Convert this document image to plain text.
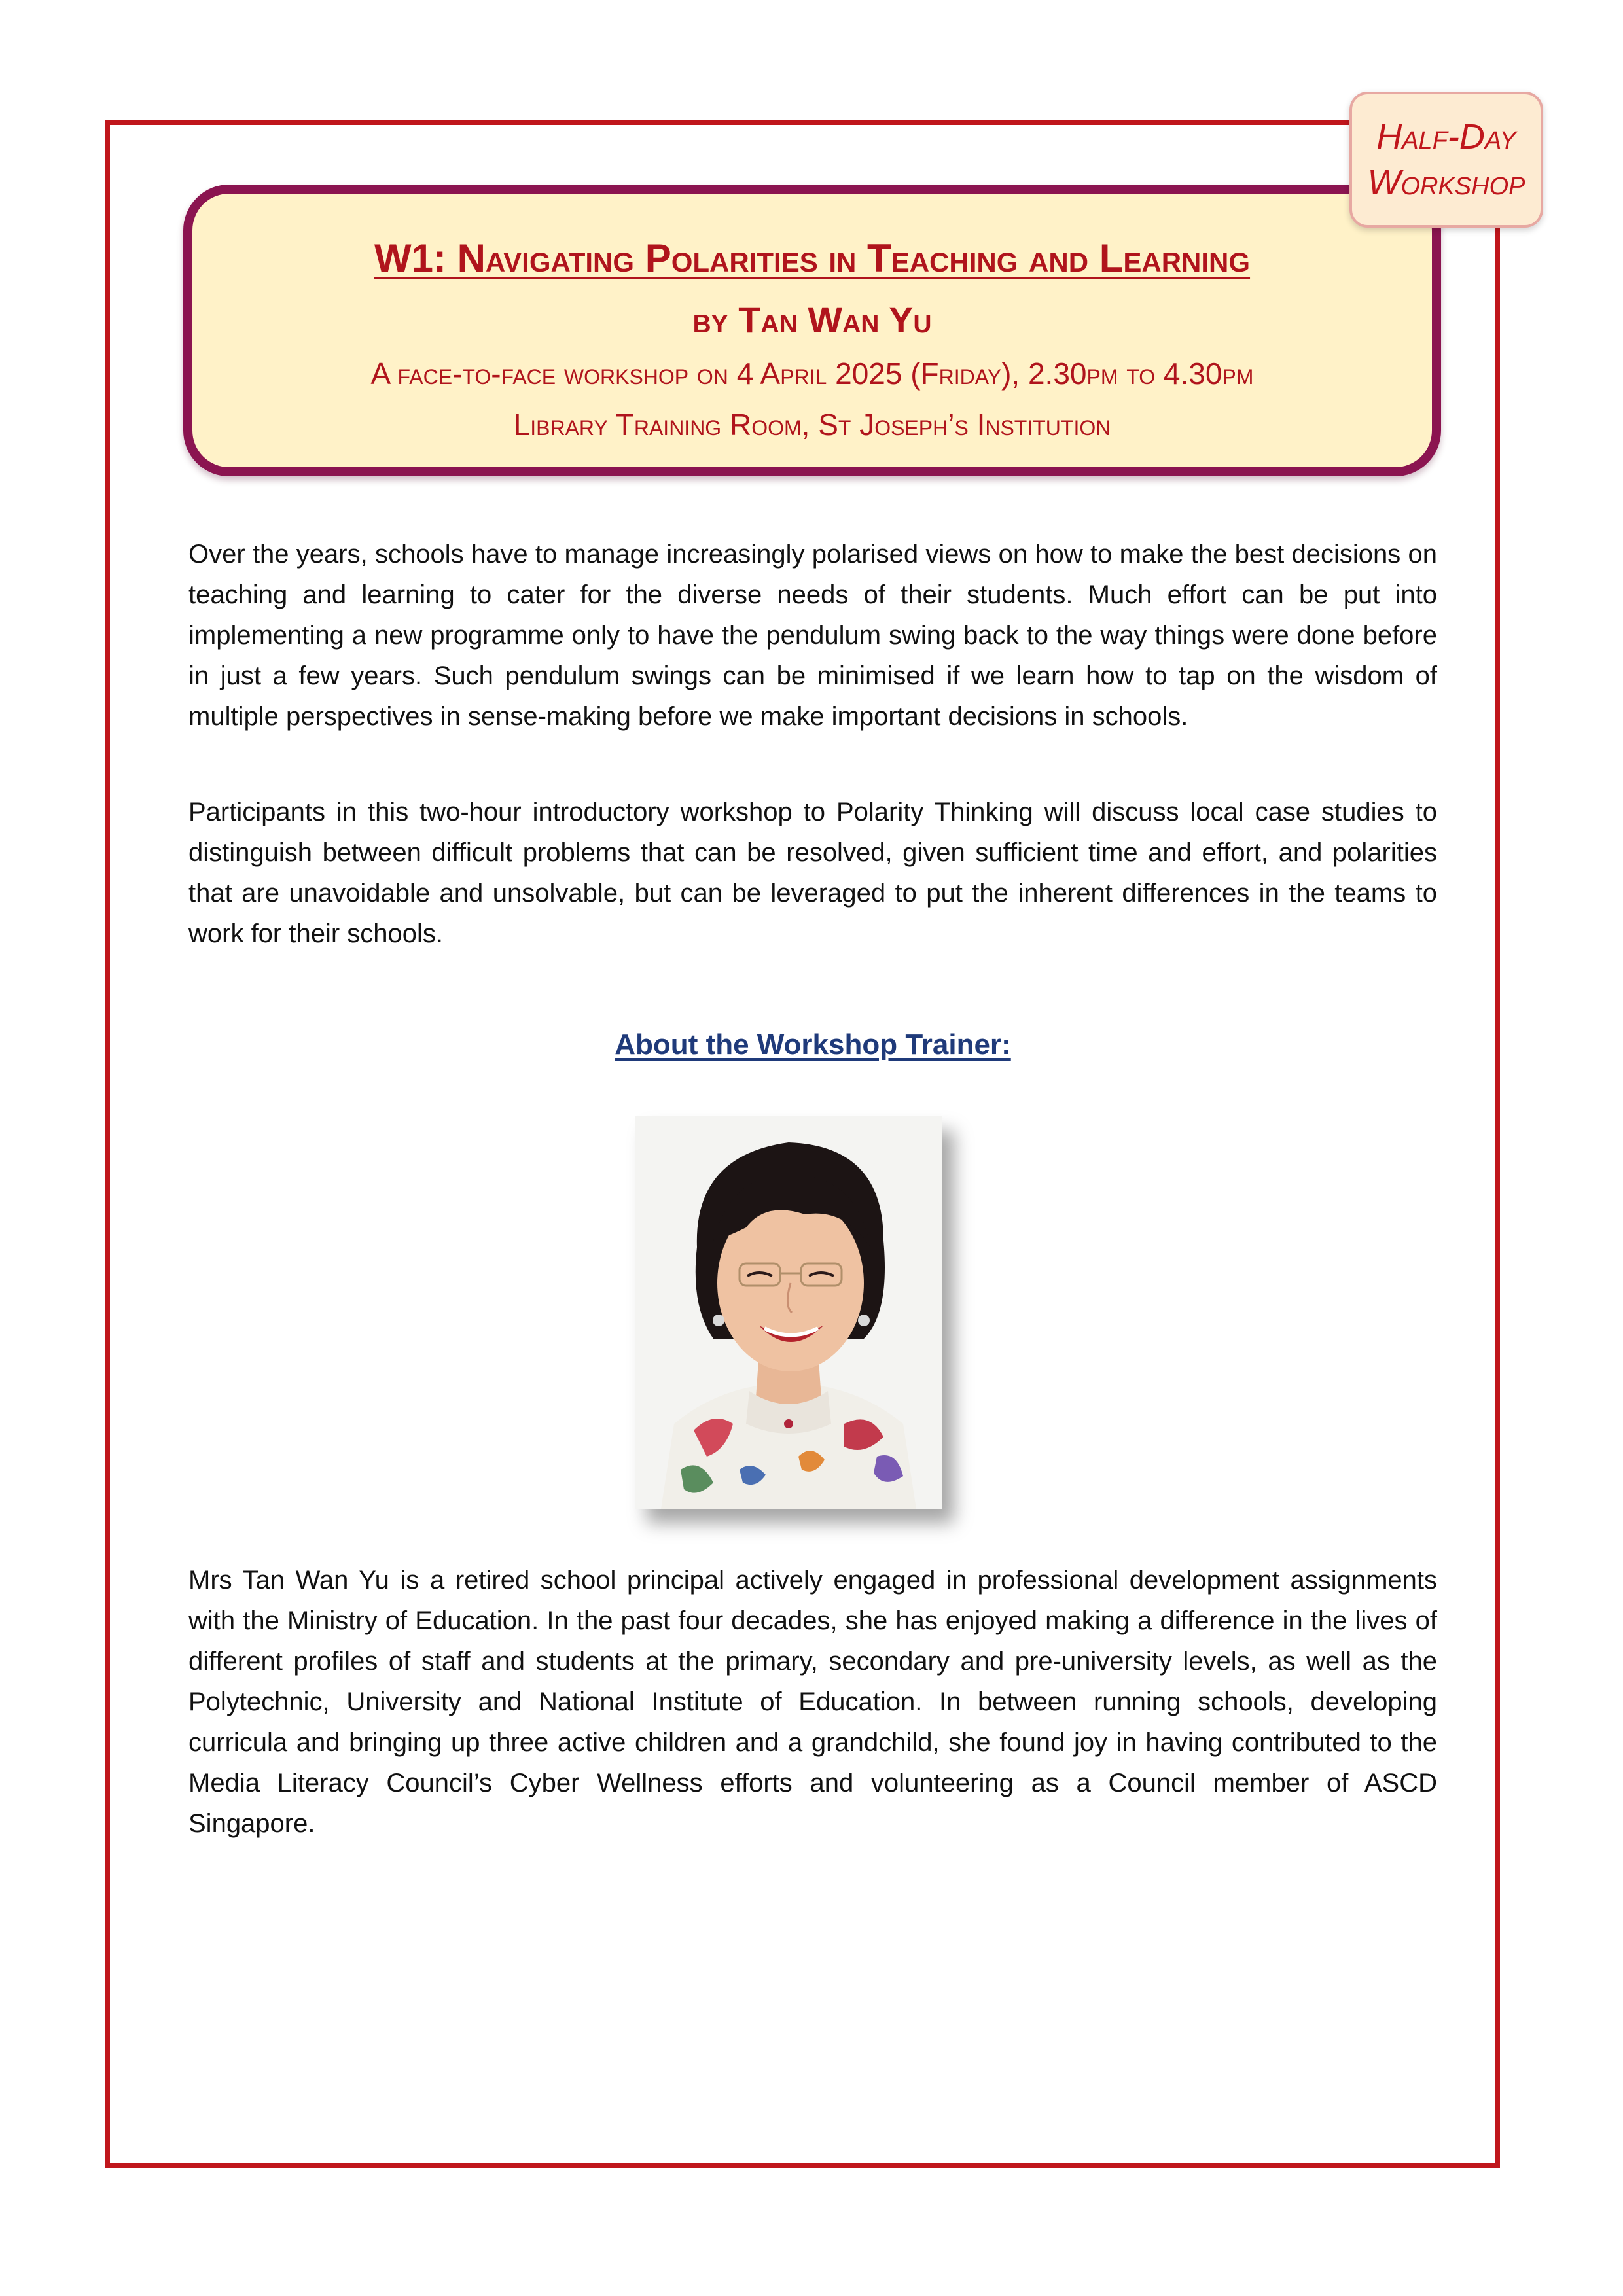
W1: Navigating Polarities in Teaching and Learning
by Tan Wan Yu
A face-to-face workshop on 4 April 2025 (Friday), 2.30pm to 4.30pm
Library Training Room, St Joseph’s Institution
Half-Day
Workshop

Over the years, schools have to manage increasingly polarised views on how to make the best decisions on teaching and learning to cater for the diverse needs of their students. Much effort can be put into implementing a new programme only to have the pendulum swing back to the way things were done before in just a few years. Such pendulum swings can be minimised if we learn how to tap on the wisdom of multiple perspectives in sense-making before we make important decisions in schools.

Participants in this two-hour introductory workshop to Polarity Thinking will discuss local case studies to distinguish between difficult problems that can be resolved, given sufficient time and effort, and polarities that are unavoidable and unsolvable, but can be leveraged to put the inherent differences in the teams to work for their schools.

About the Workshop Trainer:

Mrs Tan Wan Yu is a retired school principal actively engaged in professional development assignments with the Ministry of Education. In the past four decades, she has enjoyed making a difference in the lives of different profiles of staff and students at the primary, secondary and pre-university levels, as well as the Polytechnic, University and National Institute of Education. In between running schools, developing curricula and bringing up three active children and a grandchild, she found joy in having contributed to the Media Literacy Council’s Cyber Wellness efforts and volunteering as a Council member of ASCD Singapore.
